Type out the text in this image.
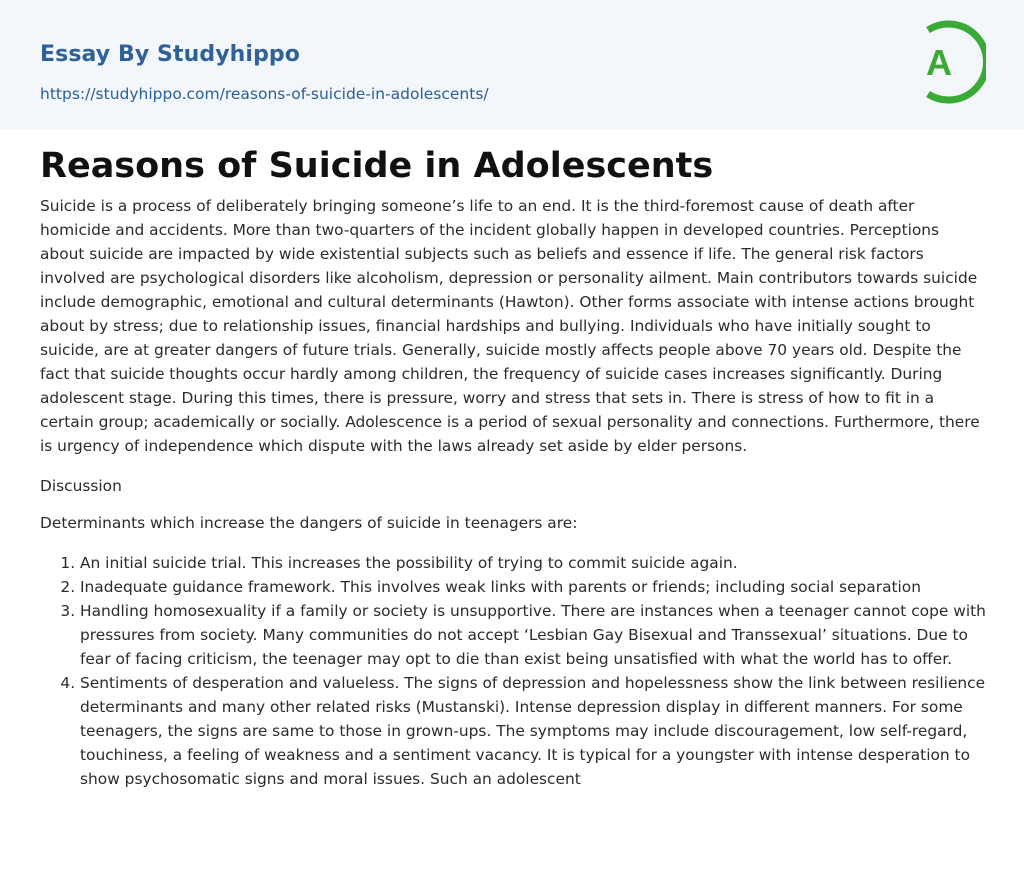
Essay By Studyhippo
https://studyhippo.com/reasons-of-suicide-in-adolescents/
A
Reasons of Suicide in Adolescents

Suicide is a process of deliberately bringing someone’s life to an end. It is the third-foremost cause of death after homicide and accidents. More than two-quarters of the incident globally happen in developed countries. Perceptions about suicide are impacted by wide existential subjects such as beliefs and essence if life. The general risk factors involved are psychological disorders like alcoholism, depression or personality ailment. Main contributors towards suicide include demographic, emotional and cultural determinants (Hawton). Other forms associate with intense actions brought about by stress; due to relationship issues, financial hardships and bullying. Individuals who have initially sought to suicide, are at greater dangers of future trials. Generally, suicide mostly affects people above 70 years old. Despite the fact that suicide thoughts occur hardly among children, the frequency of suicide cases increases significantly. During adolescent stage. During this times, there is pressure, worry and stress that sets in. There is stress of how to fit in a certain group; academically or socially. Adolescence is a period of sexual personality and connections. Furthermore, there is urgency of independence which dispute with the laws already set aside by elder persons.

Discussion

Determinants which increase the dangers of suicide in teenagers are:

1. An initial suicide trial. This increases the possibility of trying to commit suicide again.
2. Inadequate guidance framework. This involves weak links with parents or friends; including social separation
3. Handling homosexuality if a family or society is unsupportive. There are instances when a teenager cannot cope with pressures from society. Many communities do not accept ‘Lesbian Gay Bisexual and Transsexual’ situations. Due to fear of facing criticism, the teenager may opt to die than exist being unsatisfied with what the world has to offer.
4. Sentiments of desperation and valueless. The signs of depression and hopelessness show the link between resilience determinants and many other related risks (Mustanski). Intense depression display in different manners. For some teenagers, the signs are same to those in grown-ups. The symptoms may include discouragement, low self-regard, touchiness, a feeling of weakness and a sentiment vacancy. It is typical for a youngster with intense desperation to show psychosomatic signs and moral issues. Such an adolescent
